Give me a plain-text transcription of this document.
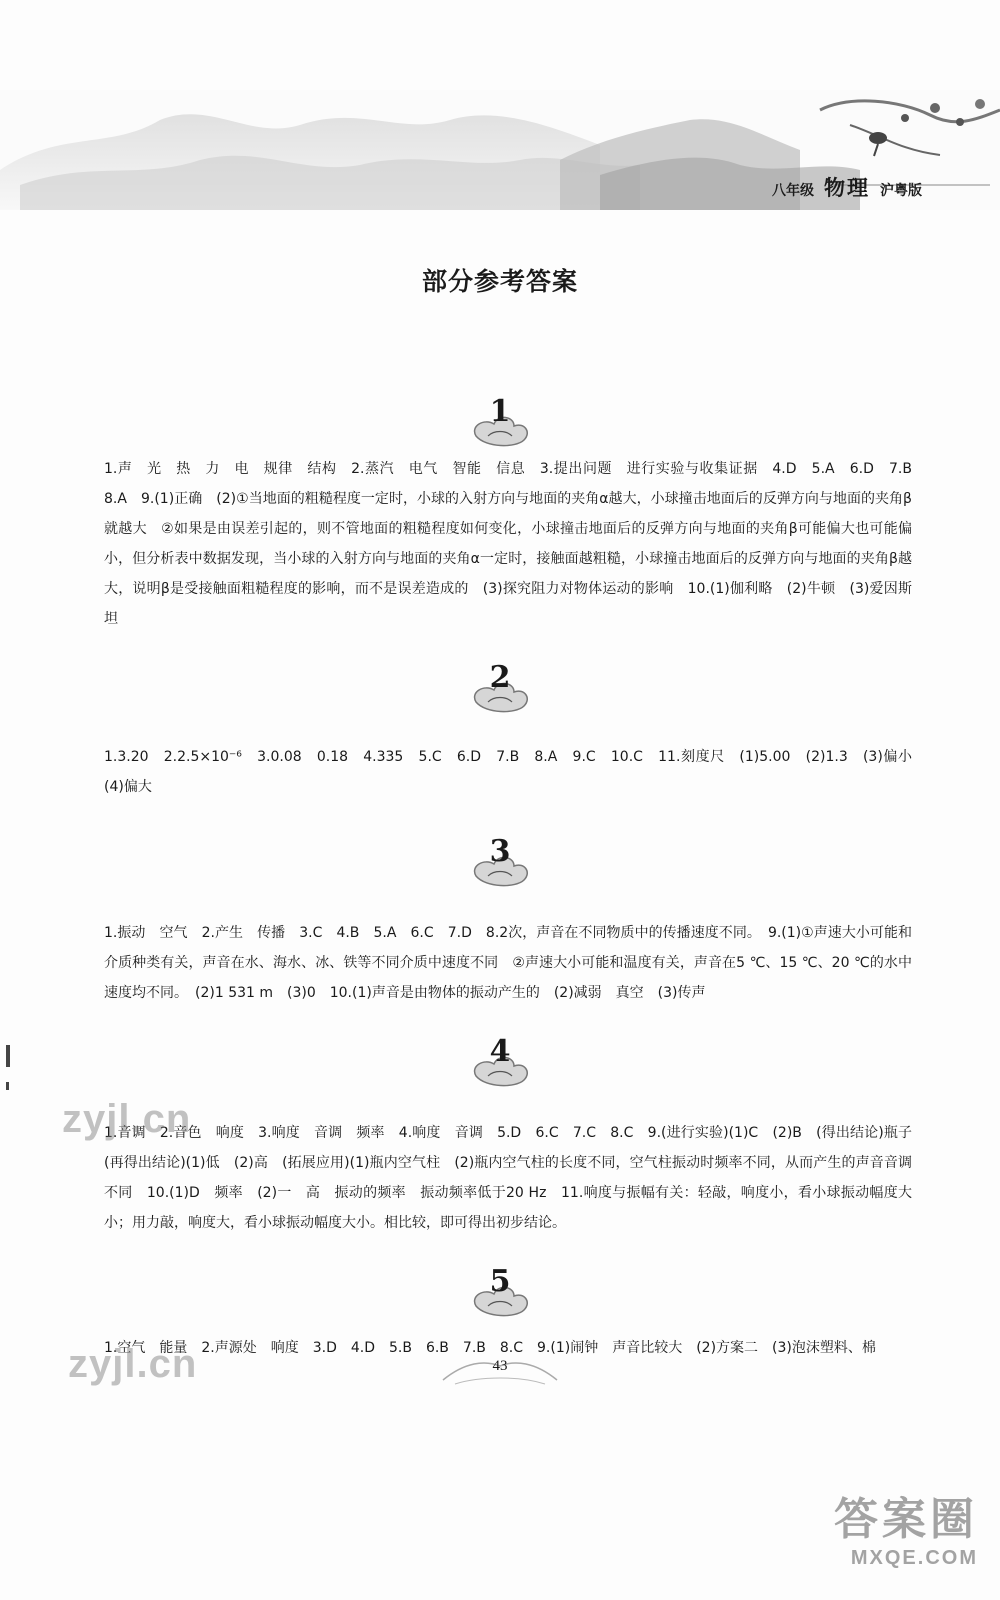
八年级 物理 沪粤版
部分参考答案
1
1.声　光　热　力　电　规律　结构　2.蒸汽　电气　智能　信息　3.提出问题　进行实验与收集证据　4.D　5.A　6.D　7.B　8.A　9.(1)正确　(2)①当地面的粗糙程度一定时，小球的入射方向与地面的夹角α越大，小球撞击地面后的反弹方向与地面的夹角β就越大　②如果是由误差引起的，则不管地面的粗糙程度如何变化，小球撞击地面后的反弹方向与地面的夹角β可能偏大也可能偏小，但分析表中数据发现，当小球的入射方向与地面的夹角α一定时，接触面越粗糙，小球撞击地面后的反弹方向与地面的夹角β越大，说明β是受接触面粗糙程度的影响，而不是误差造成的　(3)探究阻力对物体运动的影响　10.(1)伽利略　(2)牛顿　(3)爱因斯坦
2
1.3.20　2.2.5×10⁻⁶　3.0.08　0.18　4.335　5.C　6.D　7.B　8.A　9.C　10.C　11.刻度尺　(1)5.00　(2)1.3　(3)偏小　(4)偏大
3
1.振动　空气　2.产生　传播　3.C　4.B　5.A　6.C　7.D　8.2次，声音在不同物质中的传播速度不同。　9.(1)①声速大小可能和介质种类有关，声音在水、海水、冰、铁等不同介质中速度不同　②声速大小可能和温度有关，声音在5 ℃、15 ℃、20 ℃的水中速度均不同。　(2)1 531 m　(3)0　10.(1)声音是由物体的振动产生的　(2)减弱　真空　(3)传声
4
1.音调　2.音色　响度　3.响度　音调　频率　4.响度　音调　5.D　6.C　7.C　8.C　9.(进行实验)(1)C　(2)B　(得出结论)瓶子　(再得出结论)(1)低　(2)高　(拓展应用)(1)瓶内空气柱　(2)瓶内空气柱的长度不同，空气柱振动时频率不同，从而产生的声音音调不同　10.(1)D　频率　(2)一　高　振动的频率　振动频率低于20 Hz　11.响度与振幅有关：轻敲，响度小，看小球振动幅度大小；用力敲，响度大，看小球振动幅度大小。相比较，即可得出初步结论。
5
1.空气　能量　2.声源处　响度　3.D　4.D　5.B　6.B　7.B　8.C　9.(1)闹钟　声音比较大　(2)方案二　(3)泡沫塑料、棉
43
zyjl.cn
zyjl.cn
答案圈
MXQE.COM
